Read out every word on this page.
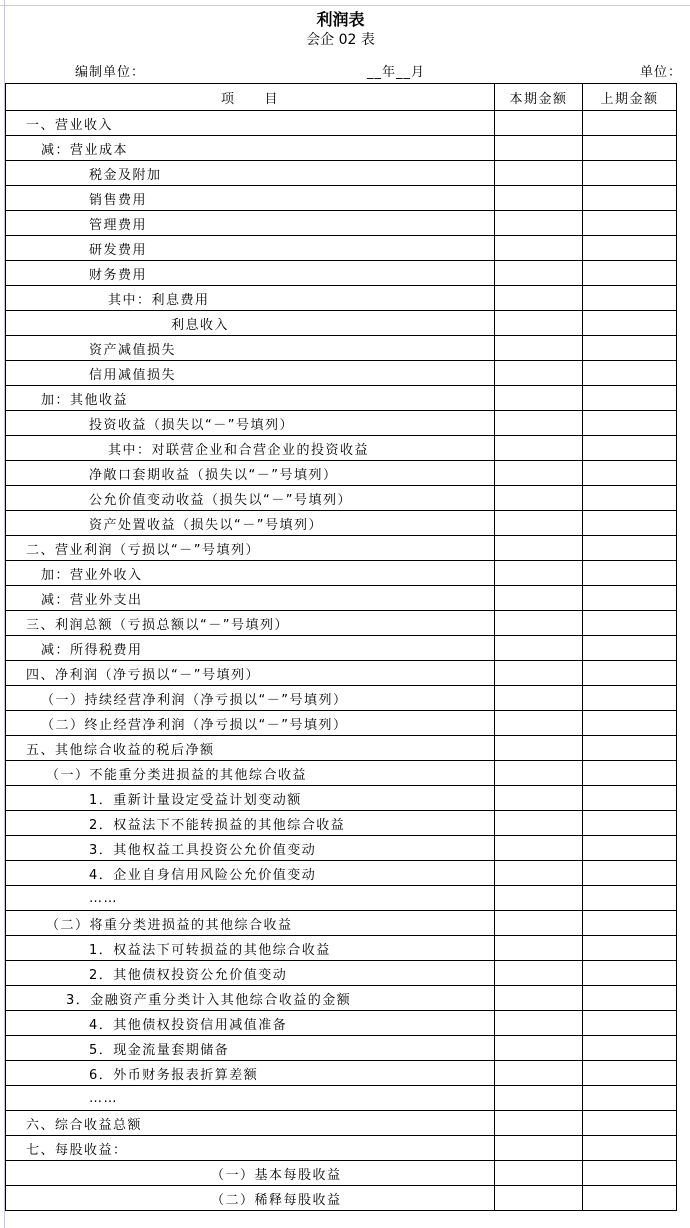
利润表
会企 02 表
编制单位：	__年__月	单位：
项　　目	本期金额	上期金额
一、营业收入		
减：营业成本		
税金及附加		
销售费用		
管理费用		
研发费用		
财务费用		
其中：利息费用		
利息收入		
资产减值损失		
信用减值损失		
加：其他收益		
投资收益（损失以“－”号填列）		
其中：对联营企业和合营企业的投资收益		
净敞口套期收益（损失以“－”号填列）		
公允价值变动收益（损失以“－”号填列）		
资产处置收益（损失以“－”号填列）		
二、营业利润（亏损以“－”号填列）		
加：营业外收入		
减：营业外支出		
三、利润总额（亏损总额以“－”号填列）		
减：所得税费用		
四、净利润（净亏损以“－”号填列）		
（一）持续经营净利润（净亏损以“－”号填列）		
（二）终止经营净利润（净亏损以“－”号填列）		
五、其他综合收益的税后净额		
（一）不能重分类进损益的其他综合收益		
1．重新计量设定受益计划变动额		
2．权益法下不能转损益的其他综合收益		
3．其他权益工具投资公允价值变动		
4．企业自身信用风险公允价值变动		
……		
（二）将重分类进损益的其他综合收益		
1．权益法下可转损益的其他综合收益		
2．其他债权投资公允价值变动		
3．金融资产重分类计入其他综合收益的金额		
4．其他债权投资信用减值准备		
5．现金流量套期储备		
6．外币财务报表折算差额		
……		
六、综合收益总额		
七、每股收益：		
（一）基本每股收益		
（二）稀释每股收益		
